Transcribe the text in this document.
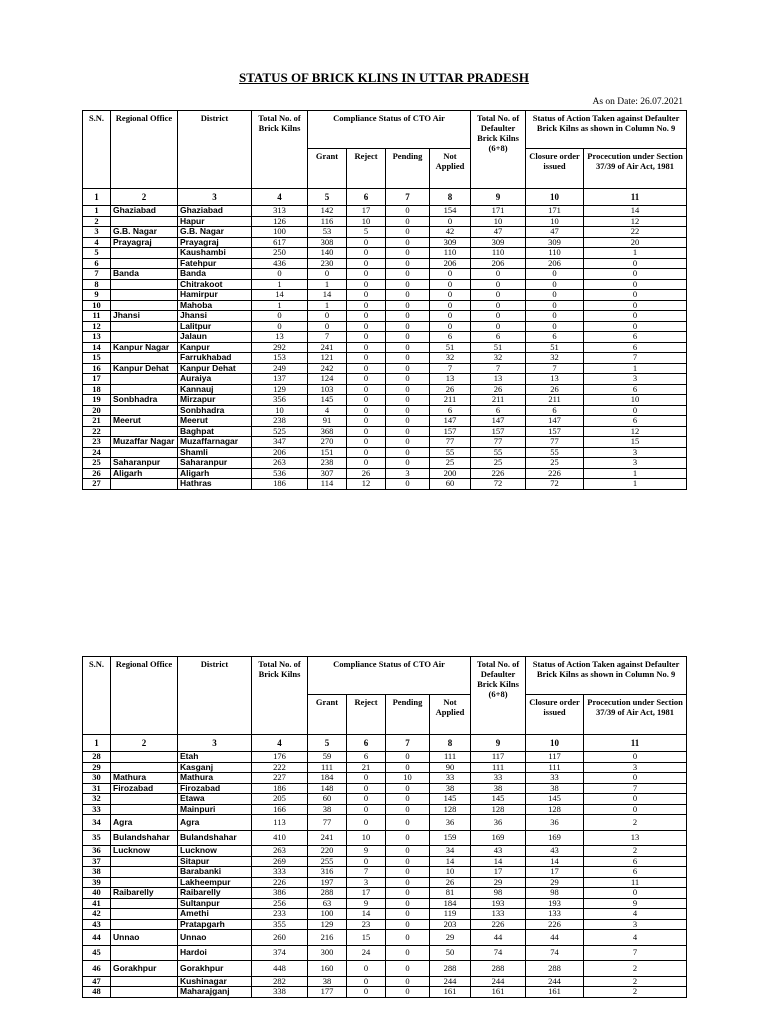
STATUS OF BRICK KLINS IN UTTAR PRADESH
As on Date: 26.07.2021
S.N.	Regional Office	District	Total No. of Brick Kilns	Compliance Status of CTO Air				Total No. of Defaulter Brick Kilns (6+8)	Status of Action Taken against Defaulter Brick Kilns as shown in Column No. 9	
				Grant	Reject	Pending	Not Applied		Closure order issued	Procecution under Section 37/39 of Air Act, 1981
1	2	3	4	5	6	7	8	9	10	11
1	Ghaziabad	Ghaziabad	313	142	17	0	154	171	171	14
2		Hapur	126	116	10	0	0	10	10	12
3	G.B. Nagar	G.B. Nagar	100	53	5	0	42	47	47	22
4	Prayagraj	Prayagraj	617	308	0	0	309	309	309	20
5		Kaushambi	250	140	0	0	110	110	110	1
6		Fatehpur	436	230	0	0	206	206	206	0
7	Banda	Banda	0	0	0	0	0	0	0	0
8		Chitrakoot	1	1	0	0	0	0	0	0
9		Hamirpur	14	14	0	0	0	0	0	0
10		Mahoba	1	1	0	0	0	0	0	0
11	Jhansi	Jhansi	0	0	0	0	0	0	0	0
12		Lalitpur	0	0	0	0	0	0	0	0
13		Jalaun	13	7	0	0	6	6	6	6
14	Kanpur Nagar	Kanpur	292	241	0	0	51	51	51	6
15		Farrukhabad	153	121	0	0	32	32	32	7
16	Kanpur Dehat	Kanpur Dehat	249	242	0	0	7	7	7	1
17		Auraiya	137	124	0	0	13	13	13	3
18		Kannauj	129	103	0	0	26	26	26	6
19	Sonbhadra	Mirzapur	356	145	0	0	211	211	211	10
20		Sonbhadra	10	4	0	0	6	6	6	0
21	Meerut	Meerut	238	91	0	0	147	147	147	6
22		Baghpat	525	368	0	0	157	157	157	12
23	Muzaffar Nagar	Muzaffarnagar	347	270	0	0	77	77	77	15
24		Shamli	206	151	0	0	55	55	55	3
25	Saharanpur	Saharanpur	263	238	0	0	25	25	25	3
26	Aligarh	Aligarh	536	307	26	3	200	226	226	1
27		Hathras	186	114	12	0	60	72	72	1
S.N.	Regional Office	District	Total No. of Brick Kilns	Compliance Status of CTO Air				Total No. of Defaulter Brick Kilns (6+8)	Status of Action Taken against Defaulter Brick Kilns as shown in Column No. 9	
				Grant	Reject	Pending	Not Applied		Closure order issued	Procecution under Section 37/39 of Air Act, 1981
1	2	3	4	5	6	7	8	9	10	11
28		Etah	176	59	6	0	111	117	117	0
29		Kasganj	222	111	21	0	90	111	111	3
30	Mathura	Mathura	227	184	0	10	33	33	33	0
31	Firozabad	Firozabad	186	148	0	0	38	38	38	7
32		Etawa	205	60	0	0	145	145	145	0
33		Mainpuri	166	38	0	0	128	128	128	0
34	Agra	Agra	113	77	0	0	36	36	36	2
35	Bulandshahar	Bulandshahar	410	241	10	0	159	169	169	13
36	Lucknow	Lucknow	263	220	9	0	34	43	43	2
37		Sitapur	269	255	0	0	14	14	14	6
38		Barabanki	333	316	7	0	10	17	17	6
39		Lakheempur	226	197	3	0	26	29	29	11
40	Raibarelly	Raibarelly	386	288	17	0	81	98	98	0
41		Sultanpur	256	63	9	0	184	193	193	9
42		Amethi	233	100	14	0	119	133	133	4
43		Pratapgarh	355	129	23	0	203	226	226	3
44	Unnao	Unnao	260	216	15	0	29	44	44	4
45		Hardoi	374	300	24	0	50	74	74	7
46	Gorakhpur	Gorakhpur	448	160	0	0	288	288	288	2
47		Kushinagar	282	38	0	0	244	244	244	2
48		Maharajganj	338	177	0	0	161	161	161	2
